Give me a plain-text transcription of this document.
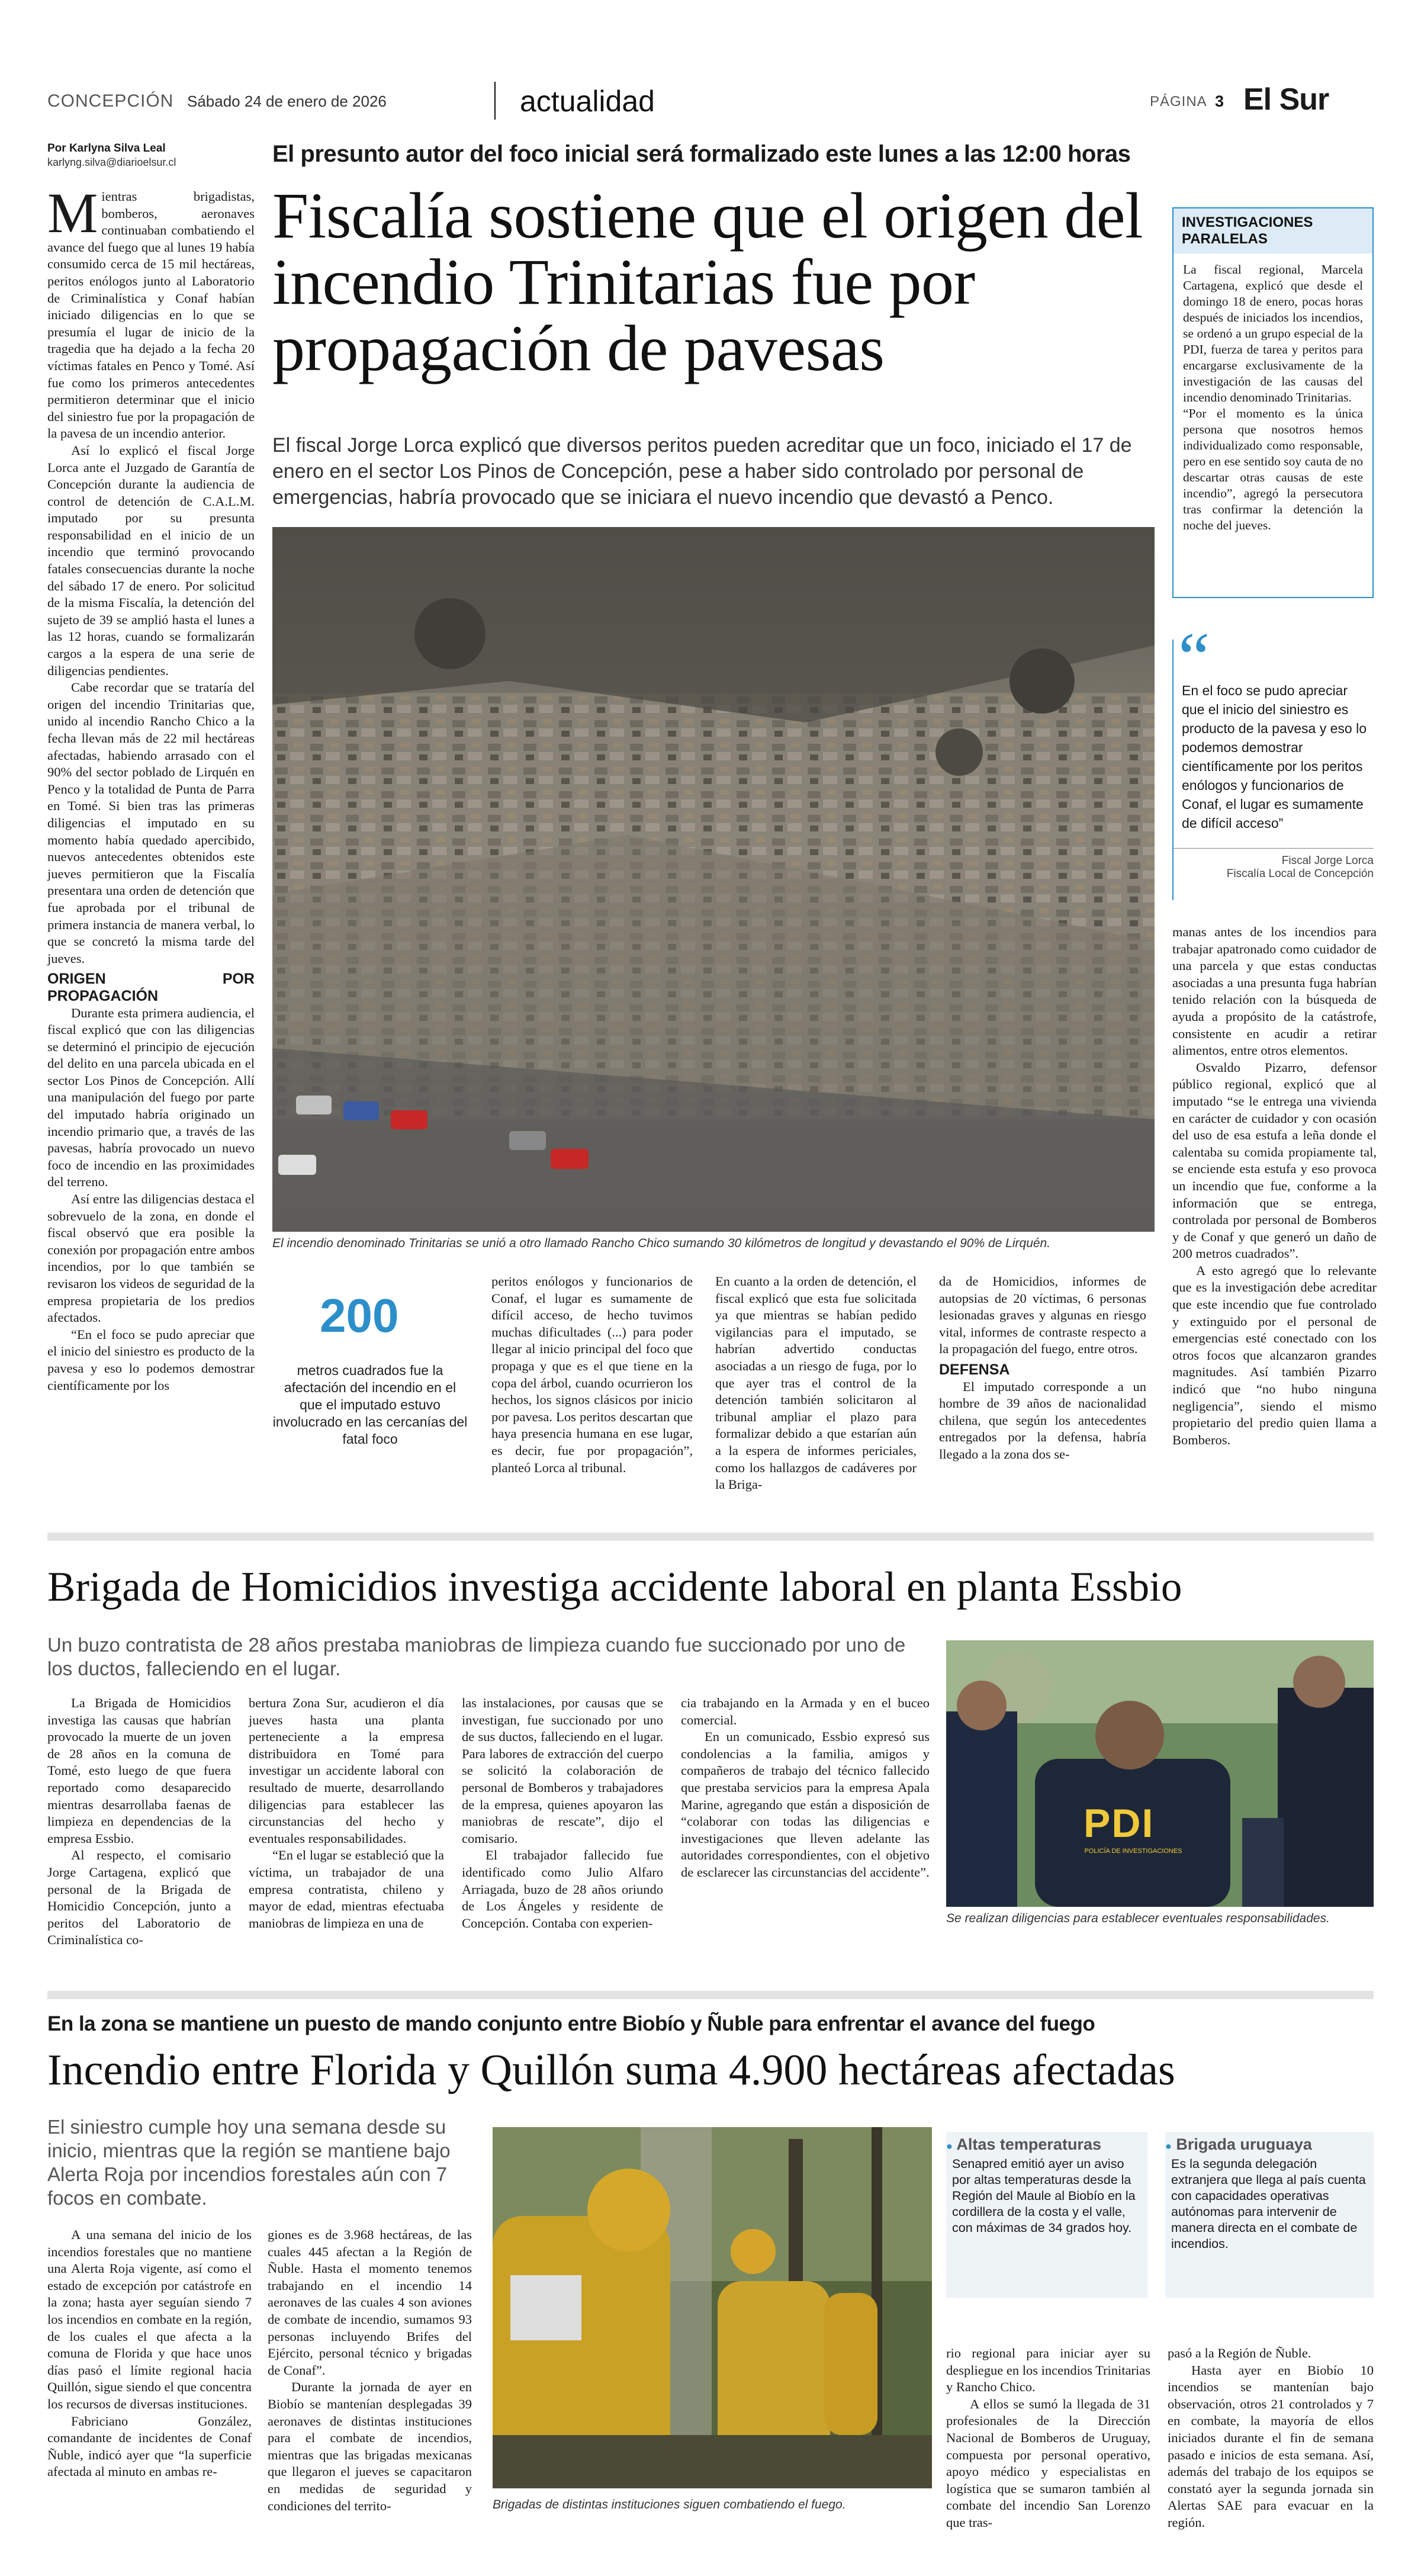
CONCEPCIÓN Sábado 24 de enero de 2026	actualidad	PÁGINA 3 El Sur
Por Karlyna Silva Leal
karlyng.silva@diarioelsur.cl	El presunto autor del foco inicial será formalizado este lunes a las 12:00 horas
Fiscalía sostiene que el origen del incendio Trinitarias fue por propagación de pavesas
El fiscal Jorge Lorca explicó que diversos peritos pueden acreditar que un foco, iniciado el 17 de enero en el sector Los Pinos de Concepción, pese a haber sido controlado por personal de emergencias, habría provocado que se iniciara el nuevo incendio que devastó a Penco.

Mientras brigadistas, bomberos, aeronaves continuaban combatiendo el avance del fuego que al lunes 19 había consumido cerca de 15 mil hectáreas, peritos enólogos junto al Laboratorio de Criminalística y Conaf habían iniciado diligencias en lo que se presumía el lugar de inicio de la tragedia que ha dejado a la fecha 20 víctimas fatales en Penco y Tomé. Así fue como los primeros antecedentes permitieron determinar que el inicio del siniestro fue por la propagación de la pavesa de un incendio anterior.

Así lo explicó el fiscal Jorge Lorca ante el Juzgado de Garantía de Concepción durante la audiencia de control de detención de C.A.L.M. imputado por su presunta responsabilidad en el inicio de un incendio que terminó provocando fatales consecuencias durante la noche del sábado 17 de enero. Por solicitud de la misma Fiscalía, la detención del sujeto de 39 se amplió hasta el lunes a las 12 horas, cuando se formalizarán cargos a la espera de una serie de diligencias pendientes.

Cabe recordar que se trataría del origen del incendio Trinitarias que, unido al incendio Rancho Chico a la fecha llevan más de 22 mil hectáreas afectadas, habiendo arrasado con el 90% del sector poblado de Lirquén en Penco y la totalidad de Punta de Parra en Tomé. Si bien tras las primeras diligencias el imputado en su momento había quedado apercibido, nuevos antecedentes obtenidos este jueves permitieron que la Fiscalía presentara una orden de detención que fue aprobada por el tribunal de primera instancia de manera verbal, lo que se concretó la misma tarde del jueves.

ORIGEN POR PROPAGACIÓN

Durante esta primera audiencia, el fiscal explicó que con las diligencias se determinó el principio de ejecución del delito en una parcela ubicada en el sector Los Pinos de Concepción. Allí una manipulación del fuego por parte del imputado habría originado un incendio primario que, a través de las pavesas, habría provocado un nuevo foco de incendio en las proximidades del terreno.

Así entre las diligencias destaca el sobrevuelo de la zona, en donde el fiscal observó que era posible la conexión por propagación entre ambos incendios, por lo que también se revisaron los videos de seguridad de la empresa propietaria de los predios afectados.

“En el foco se pudo apreciar que el inicio del siniestro es producto de la pavesa y eso lo podemos demostrar científicamente por los

El incendio denominado Trinitarias se unió a otro llamado Rancho Chico sumando 30 kilómetros de longitud y devastando el 90% de Lirquén.
200
metros cuadrados fue la afectación del incendio en el que el imputado estuvo involucrado en las cercanías del fatal foco
peritos enólogos y funcionarios de Conaf, el lugar es sumamente de difícil acceso, de hecho tuvimos muchas dificultades (...) para poder llegar al inicio principal del foco que propaga y que es el que tiene en la copa del árbol, cuando ocurrieron los hechos, los signos clásicos por inicio por pavesa. Los peritos descartan que haya presencia humana en ese lugar, es decir, fue por propagación”, planteó Lorca al tribunal.
En cuanto a la orden de detención, el fiscal explicó que esta fue solicitada ya que mientras se habían pedido vigilancias para el imputado, se habrían advertido conductas asociadas a un riesgo de fuga, por lo que ayer tras el control de la detención también solicitaron al tribunal ampliar el plazo para formalizar debido a que estarían aún a la espera de informes periciales, como los hallazgos de cadáveres por la Briga-

da de Homicidios, informes de autopsias de 20 víctimas, 6 personas lesionadas graves y algunas en riesgo vital, informes de contraste respecto a la propagación del fuego, entre otros.

DEFENSA

El imputado corresponde a un hombre de 39 años de nacionalidad chilena, que según los antecedentes entregados por la defensa, habría llegado a la zona dos se-

INVESTIGACIONES PARALELAS

La fiscal regional, Marcela Cartagena, explicó que desde el domingo 18 de enero, pocas horas después de iniciados los incendios, se ordenó a un grupo especial de la PDI, fuerza de tarea y peritos para encargarse exclusivamente de la investigación de las causas del incendio denominado Trinitarias.

“Por el momento es la única persona que nosotros hemos individualizado como responsable, pero en ese sentido soy cauta de no descartar otras causas de este incendio”, agregó la persecutora tras confirmar la detención la noche del jueves.

“
En el foco se pudo apreciar que el inicio del siniestro es producto de la pavesa y eso lo podemos demostrar científicamente por los peritos enólogos y funcionarios de Conaf, el lugar es sumamente de difícil acceso”
Fiscal Jorge Lorca
Fiscalía Local de Concepción

manas antes de los incendios para trabajar apatronado como cuidador de una parcela y que estas conductas asociadas a una presunta fuga habrían tenido relación con la búsqueda de ayuda a propósito de la catástrofe, consistente en acudir a retirar alimentos, entre otros elementos.

Osvaldo Pizarro, defensor público regional, explicó que al imputado “se le entrega una vivienda en carácter de cuidador y con ocasión del uso de esa estufa a leña donde el calentaba su comida propiamente tal, se enciende esta estufa y eso provoca un incendio que fue, conforme a la información que se entrega, controlada por personal de Bomberos y de Conaf y que generó un daño de 200 metros cuadrados”.

A esto agregó que lo relevante que es la investigación debe acreditar que este incendio que fue controlado y extinguido por el personal de emergencias esté conectado con los otros focos que alcanzaron grandes magnitudes. Así también Pizarro indicó que “no hubo ninguna negligencia”, siendo el mismo propietario del predio quien llama a Bomberos.

Brigada de Homicidios investiga accidente laboral en planta Essbio
Un buzo contratista de 28 años prestaba maniobras de limpieza cuando fue succionado por uno de los ductos, falleciendo en el lugar.

La Brigada de Homicidios investiga las causas que habrían provocado la muerte de un joven de 28 años en la comuna de Tomé, esto luego de que fuera reportado como desaparecido mientras desarrollaba faenas de limpieza en dependencias de la empresa Essbio.

Al respecto, el comisario Jorge Cartagena, explicó que personal de la Brigada de Homicidio Concepción, junto a peritos del Laboratorio de Criminalística co-

bertura Zona Sur, acudieron el día jueves hasta una planta perteneciente a la empresa distribuidora en Tomé para investigar un accidente laboral con resultado de muerte, desarrollando diligencias para establecer las circunstancias del hecho y eventuales responsabilidades.

“En el lugar se estableció que la víctima, un trabajador de una empresa contratista, chileno y mayor de edad, mientras efectuaba maniobras de limpieza en una de

las instalaciones, por causas que se investigan, fue succionado por uno de sus ductos, falleciendo en el lugar. Para labores de extracción del cuerpo se solicitó la colaboración de personal de Bomberos y trabajadores de la empresa, quienes apoyaron las maniobras de rescate”, dijo el comisario.

El trabajador fallecido fue identificado como Julio Alfaro Arriagada, buzo de 28 años oriundo de Los Ángeles y residente de Concepción. Contaba con experien-

cia trabajando en la Armada y en el buceo comercial.

En un comunicado, Essbio expresó sus condolencias a la familia, amigos y compañeros de trabajo del técnico fallecido que prestaba servicios para la empresa Apala Marine, agregando que están a disposición de “colaborar con todas las diligencias e investigaciones que lleven adelante las autoridades correspondientes, con el objetivo de esclarecer las circunstancias del accidente”.

PDI
POLICÍA DE INVESTIGACIONES
Se realizan diligencias para establecer eventuales responsabilidades.
En la zona se mantiene un puesto de mando conjunto entre Biobío y Ñuble para enfrentar el avance del fuego
Incendio entre Florida y Quillón suma 4.900 hectáreas afectadas
El siniestro cumple hoy una semana desde su inicio, mientras que la región se mantiene bajo Alerta Roja por incendios forestales aún con 7 focos en combate.

A una semana del inicio de los incendios forestales que no mantiene una Alerta Roja vigente, así como el estado de excepción por catástrofe en la zona; hasta ayer seguían siendo 7 los incendios en combate en la región, de los cuales el que afecta a la comuna de Florida y que hace unos días pasó el límite regional hacia Quillón, sigue siendo el que concentra los recursos de diversas instituciones.

Fabriciano González, comandante de incidentes de Conaf Ñuble, indicó ayer que “la superficie afectada al minuto en ambas re-

giones es de 3.968 hectáreas, de las cuales 445 afectan a la Región de Ñuble. Hasta el momento tenemos trabajando en el incendio 14 aeronaves de las cuales 4 son aviones de combate de incendio, sumamos 93 personas incluyendo Brifes del Ejército, personal técnico y brigadas de Conaf”.

Durante la jornada de ayer en Biobío se mantenían desplegadas 39 aeronaves de distintas instituciones para el combate de incendios, mientras que las brigadas mexicanas que llegaron el jueves se capacitaron en medidas de seguridad y condiciones del territo-	Brigadas de distintas instituciones siguen combatiendo el fuego.
● Altas temperaturas
Senapred emitió ayer un aviso por altas temperaturas desde la Región del Maule al Biobío en la cordillera de la costa y el valle, con máximas de 34 grados hoy.
● Brigada uruguaya
Es la segunda delegación extranjera que llega al país cuenta con capacidades operativas autónomas para intervenir de manera directa en el combate de incendios.

rio regional para iniciar ayer su despliegue en los incendios Trinitarias y Rancho Chico.

A ellos se sumó la llegada de 31 profesionales de la Dirección Nacional de Bomberos de Uruguay, compuesta por personal operativo, apoyo médico y especialistas en logística que se sumaron también al combate del incendio San Lorenzo que tras-

pasó a la Región de Ñuble.

Hasta ayer en Biobío 10 incendios se mantenían bajo observación, otros 21 controlados y 7 en combate, la mayoría de ellos iniciados durante el fin de semana pasado e inicios de esta semana. Así, además del trabajo de los equipos se constató ayer la segunda jornada sin Alertas SAE para evacuar en la región.
